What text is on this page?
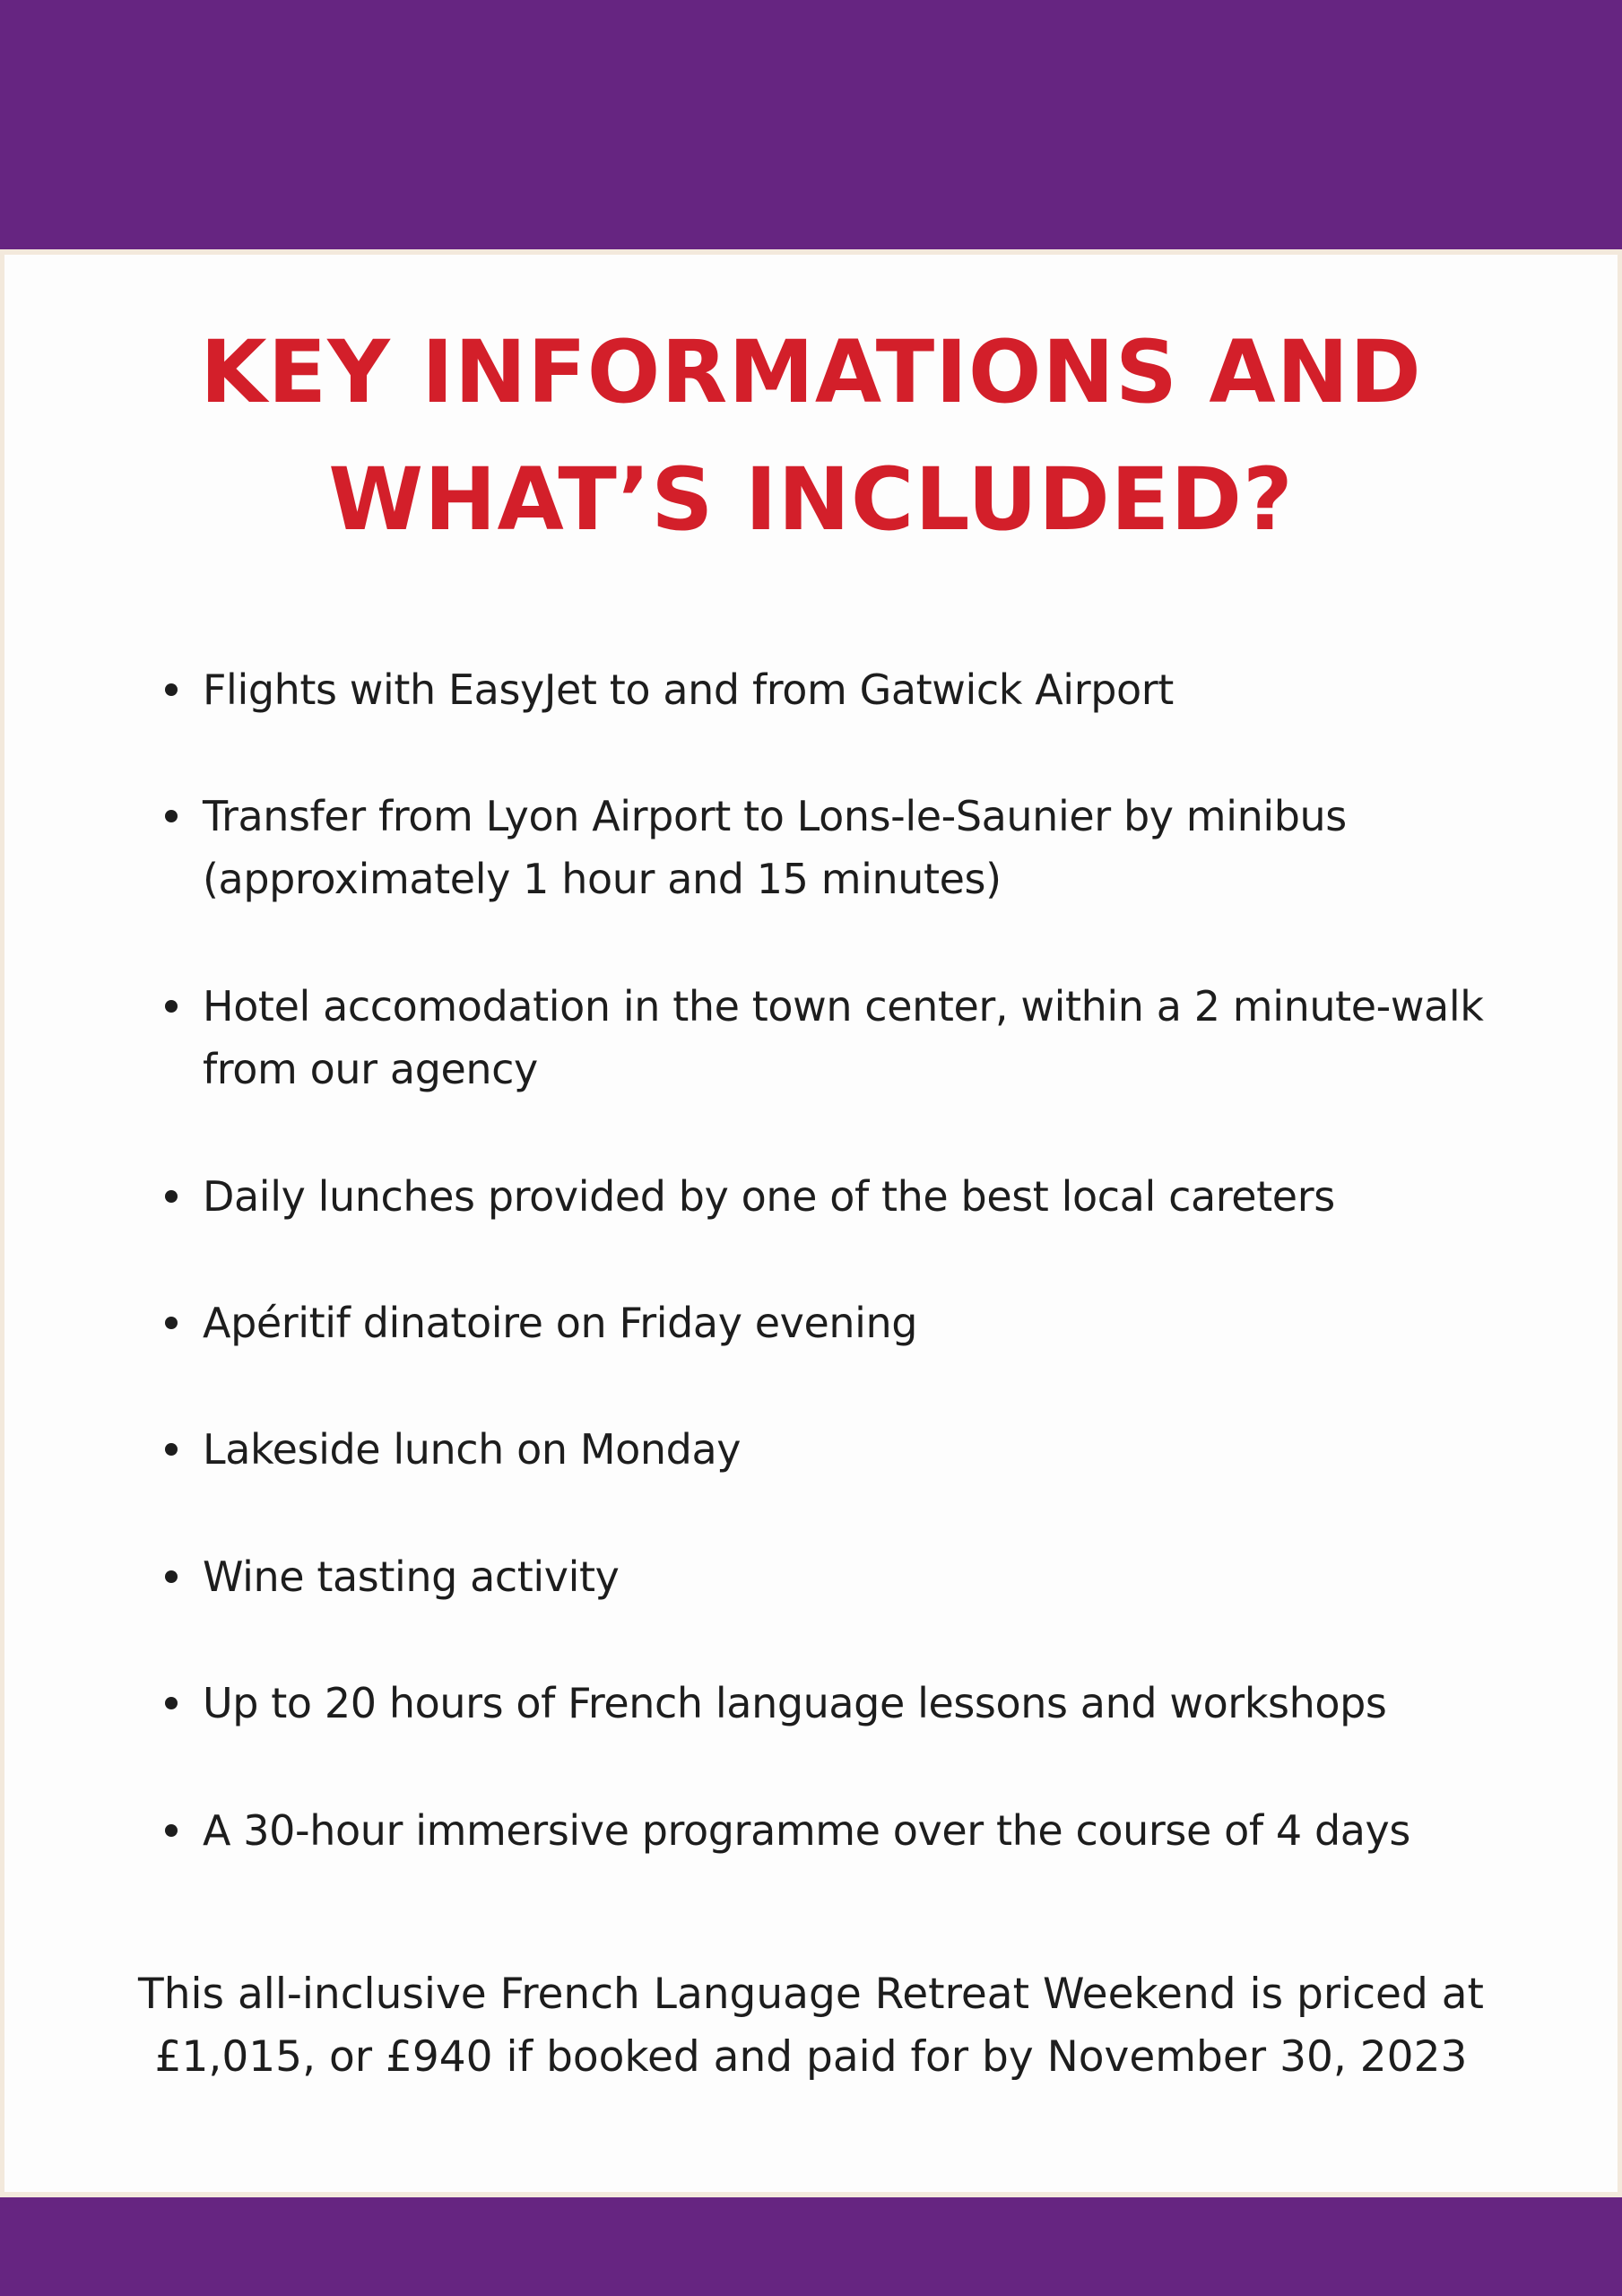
KEY INFORMATIONS AND
WHAT’S INCLUDED?
Flights with EasyJet to and from Gatwick Airport
Transfer from Lyon Airport to Lons-le-Saunier by minibus (approximately 1 hour and 15 minutes)
Hotel accomodation in the town center, within a 2 minute-walk from our agency
Daily lunches provided by one of the best local careters
Apéritif dinatoire on Friday evening
Lakeside lunch on Monday
Wine tasting activity
Up to 20 hours of French language lessons and workshops
A 30-hour immersive programme over the course of 4 days
This all-inclusive French Language Retreat Weekend is priced at
£1,015, or £940 if booked and paid for by November 30, 2023
